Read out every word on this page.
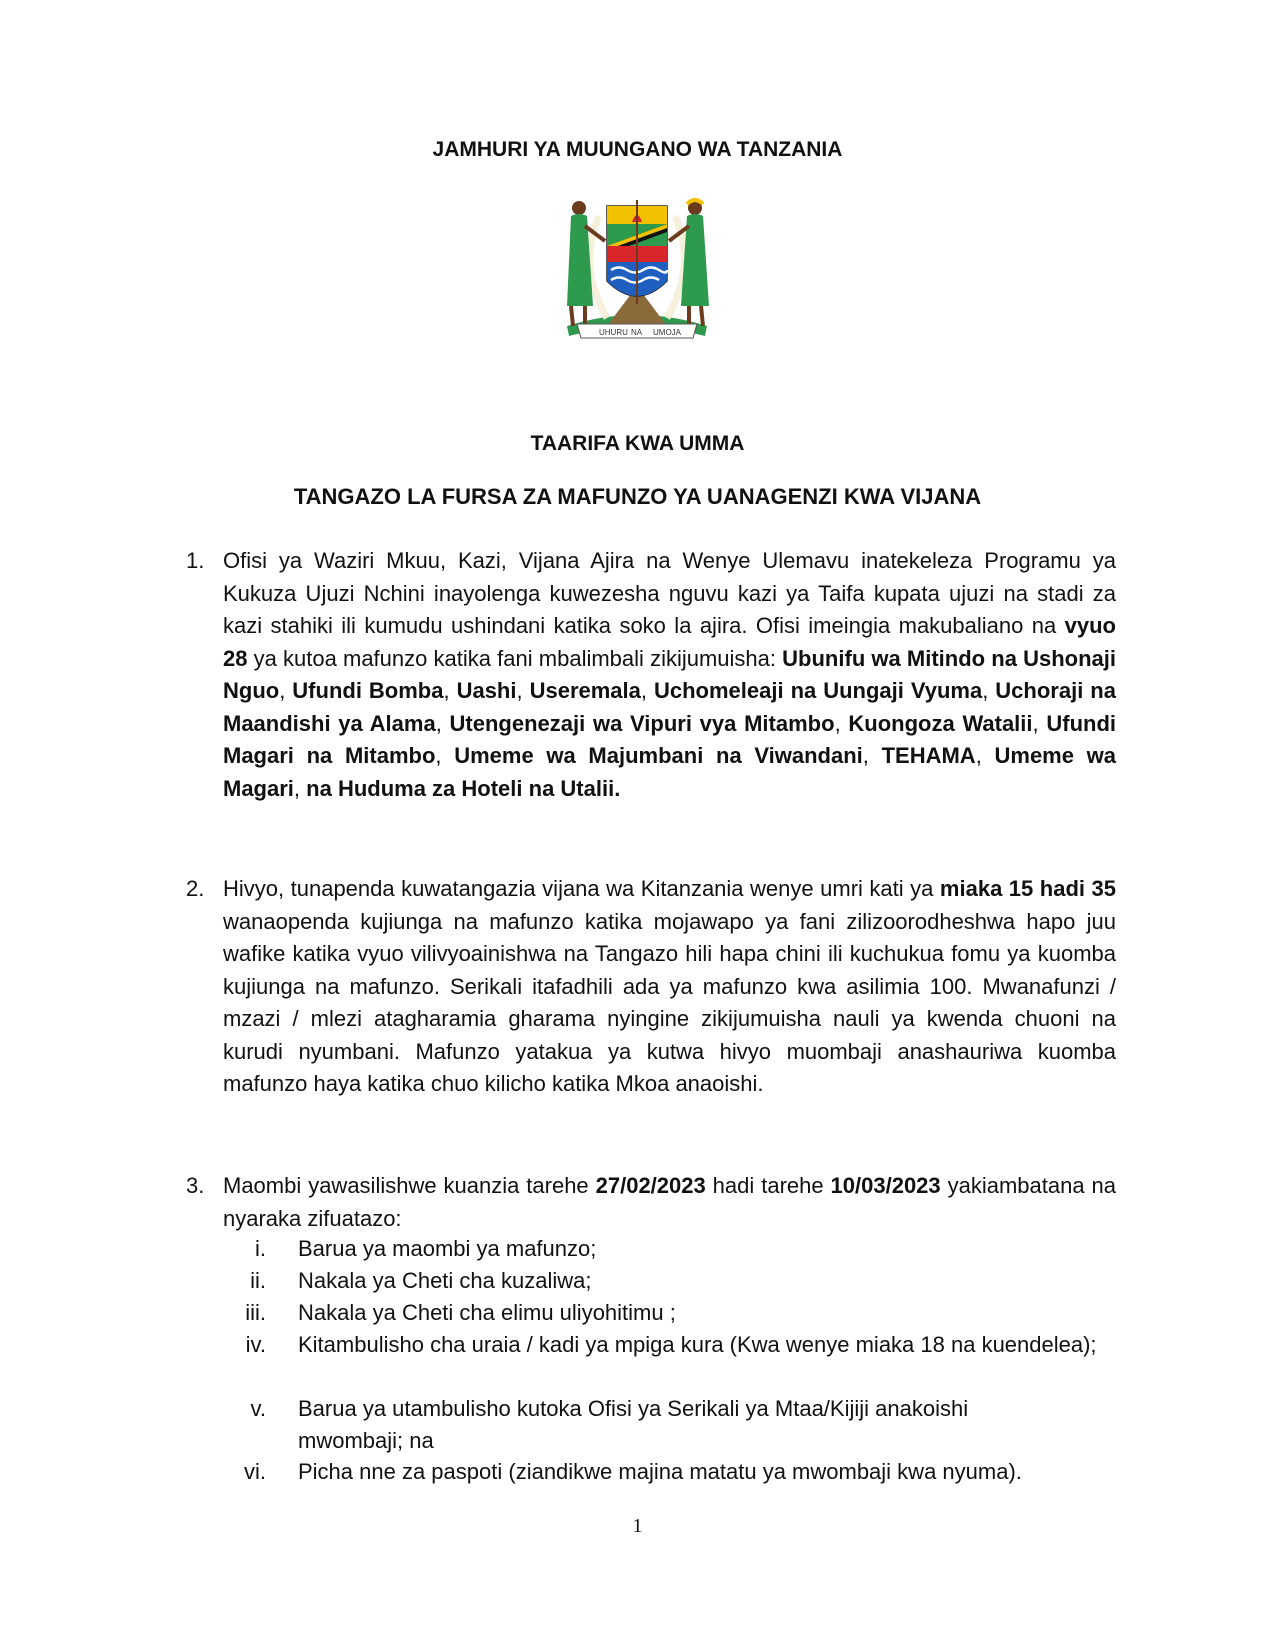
JAMHURI YA MUUNGANO WA TANZANIA
UHURU NA UMOJA
TAARIFA KWA UMMA
TANGAZO LA FURSA ZA MAFUNZO YA UANAGENZI KWA VIJANA
1. Ofisi ya Waziri Mkuu, Kazi, Vijana Ajira na Wenye Ulemavu inatekeleza Programu ya Kukuza Ujuzi Nchini inayolenga kuwezesha nguvu kazi ya Taifa kupata ujuzi na stadi za kazi stahiki ili kumudu ushindani katika soko la ajira. Ofisi imeingia makubaliano na vyuo 28 ya kutoa mafunzo katika fani mbalimbali zikijumuisha: Ubunifu wa Mitindo na Ushonaji Nguo, Ufundi Bomba, Uashi, Useremala, Uchomeleaji na Uungaji Vyuma, Uchoraji na Maandishi ya Alama, Utengenezaji wa Vipuri vya Mitambo, Kuongoza Watalii, Ufundi Magari na Mitambo, Umeme wa Majumbani na Viwandani, TEHAMA, Umeme wa Magari, na Huduma za Hoteli na Utalii.
2. Hivyo, tunapenda kuwatangazia vijana wa Kitanzania wenye umri kati ya miaka 15 hadi 35 wanaopenda kujiunga na mafunzo katika mojawapo ya fani zilizoorodheshwa hapo juu wafike katika vyuo vilivyoainishwa na Tangazo hili hapa chini ili kuchukua fomu ya kuomba kujiunga na mafunzo. Serikali itafadhili ada ya mafunzo kwa asilimia 100. Mwanafunzi / mzazi / mlezi atagharamia gharama nyingine zikijumuisha nauli ya kwenda chuoni na kurudi nyumbani. Mafunzo yatakua ya kutwa hivyo muombaji anashauriwa kuomba mafunzo haya katika chuo kilicho katika Mkoa anaoishi.
3. Maombi yawasilishwe kuanzia tarehe 27/02/2023 hadi tarehe 10/03/2023 yakiambatana na nyaraka zifuatazo:
i. Barua ya maombi ya mafunzo;
ii. Nakala ya Cheti cha kuzaliwa;
iii. Nakala ya Cheti cha elimu uliyohitimu ;
iv. Kitambulisho cha uraia / kadi ya mpiga kura (Kwa wenye miaka 18 na kuendelea);
v. Barua ya utambulisho kutoka Ofisi ya Serikali ya Mtaa/Kijiji anakoishi mwombaji; na
vi. Picha nne za paspoti (ziandikwe majina matatu ya mwombaji kwa nyuma).
1
